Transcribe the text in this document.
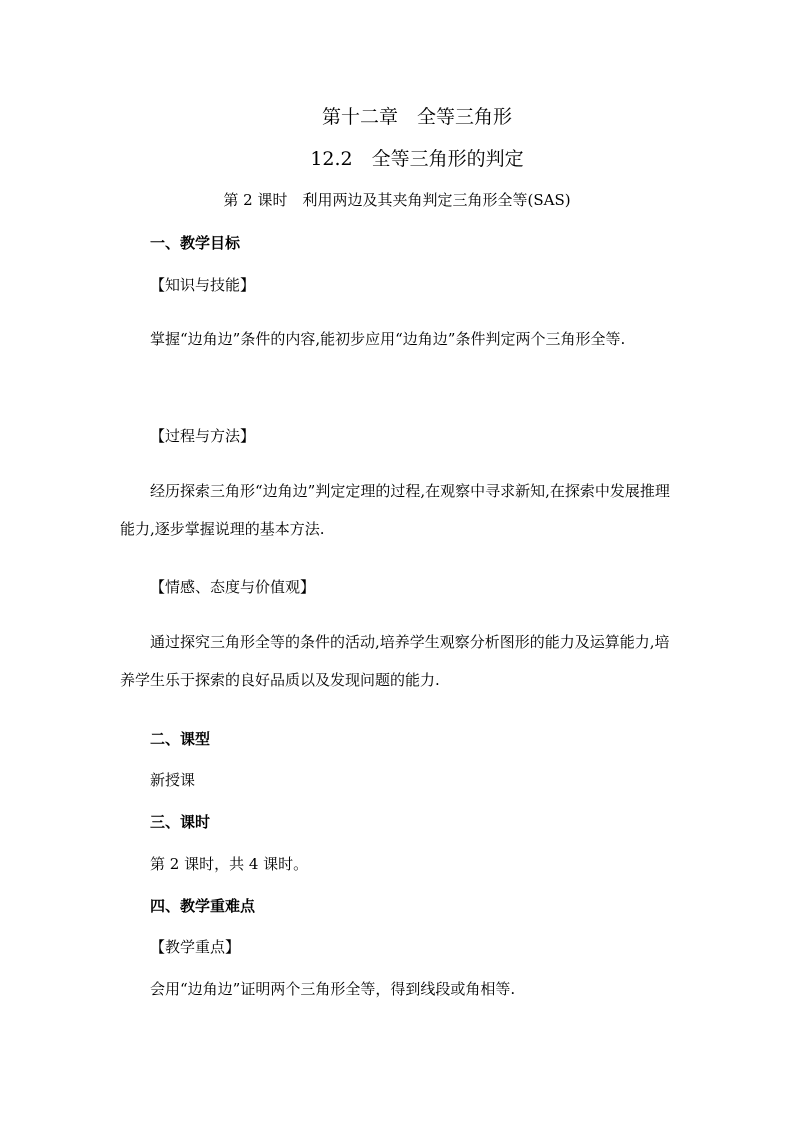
第十二章　全等三角形
12.2　全等三角形的判定
第 2 课时　利用两边及其夹角判定三角形全等(SAS)
一、教学目标
【知识与技能】
掌握“边角边”条件的内容,能初步应用“边角边”条件判定两个三角形全等.
【过程与方法】
经历探索三角形“边角边”判定定理的过程,在观察中寻求新知,在探索中发展推理能力,逐步掌握说理的基本方法.
【情感、态度与价值观】
通过探究三角形全等的条件的活动,培养学生观察分析图形的能力及运算能力,培养学生乐于探索的良好品质以及发现问题的能力.
二、课型
新授课
三、课时
第 2 课时，共 4 课时。
四、教学重难点
【教学重点】
会用“边角边”证明两个三角形全等，得到线段或角相等.
